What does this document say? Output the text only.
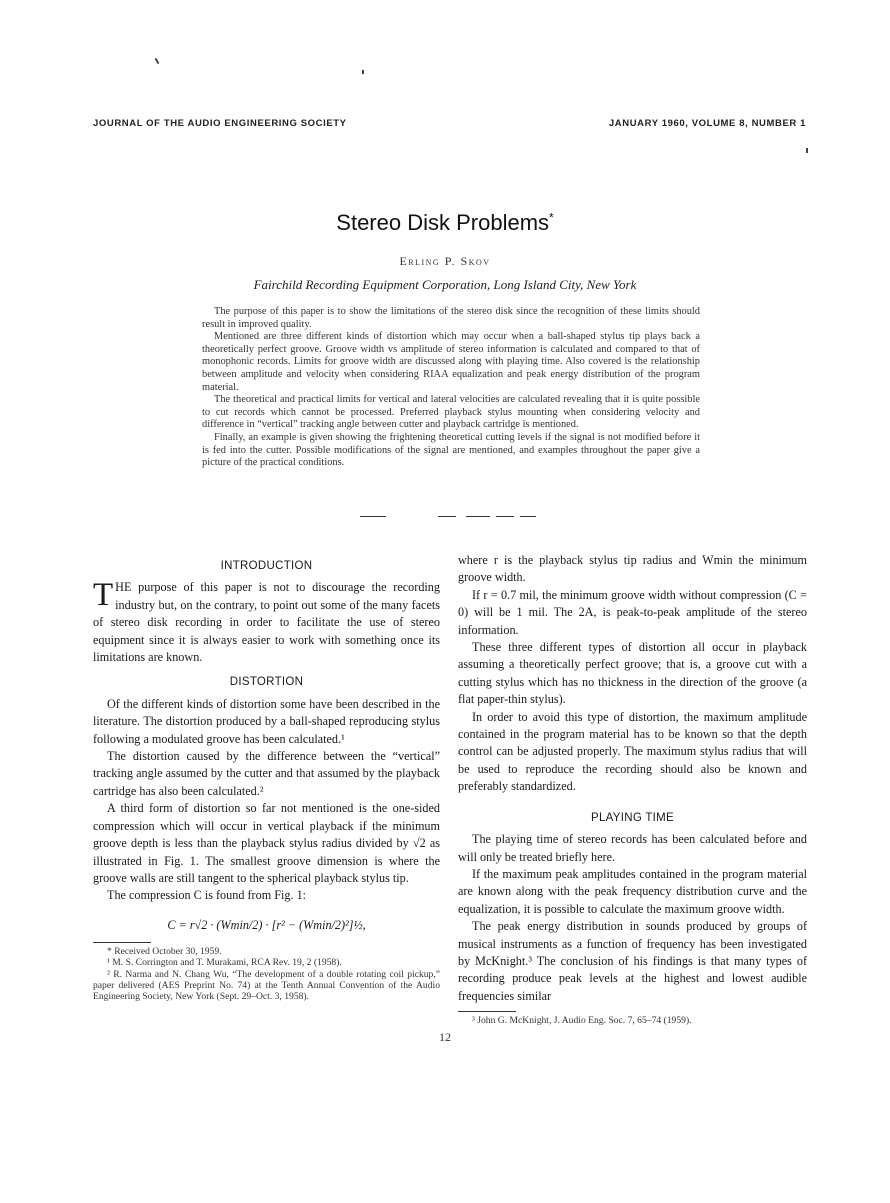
JOURNAL OF THE AUDIO ENGINEERING SOCIETY	JANUARY 1960, VOLUME 8, NUMBER 1
Stereo Disk Problems*
Erling P. Skov
Fairchild Recording Equipment Corporation, Long Island City, New York

The purpose of this paper is to show the limitations of the stereo disk since the recognition of these limits should result in improved quality.

Mentioned are three different kinds of distortion which may occur when a ball-shaped stylus tip plays back a theoretically perfect groove. Groove width vs amplitude of stereo information is calculated and compared to that of monophonic records. Limits for groove width are discussed along with playing time. Also covered is the relationship between amplitude and velocity when considering RIAA equalization and peak energy distribution of the program material.

The theoretical and practical limits for vertical and lateral velocities are calculated revealing that it is quite possible to cut records which cannot be processed. Preferred playback stylus mounting when considering velocity and difference in “vertical” tracking angle between cutter and playback cartridge is mentioned.

Finally, an example is given showing the frightening theoretical cutting levels if the signal is not modified before it is fed into the cutter. Possible modifications of the signal are mentioned, and examples throughout the paper give a picture of the practical conditions.

INTRODUCTION

THE purpose of this paper is not to discourage the recording industry but, on the contrary, to point out some of the many facets of stereo disk recording in order to facilitate the use of stereo equipment since it is always easier to work with something once its limitations are known.

DISTORTION

Of the different kinds of distortion some have been described in the literature. The distortion produced by a ball-shaped reproducing stylus following a modulated groove has been calculated.¹

The distortion caused by the difference between the “vertical” tracking angle assumed by the cutter and that assumed by the playback cartridge has also been calculated.²

A third form of distortion so far not mentioned is the one-sided compression which will occur in vertical playback if the minimum groove depth is less than the playback stylus radius divided by √2 as illustrated in Fig. 1. The smallest groove dimension is where the groove walls are still tangent to the spherical playback stylus tip.

The compression C is found from Fig. 1:

C = r√2 · (Wmin/2) · [r² − (Wmin/2)²]½,

* Received October 30, 1959.

¹ M. S. Corrington and T. Murakami, RCA Rev. 19, 2 (1958).

² R. Narma and N. Chang Wu, “The development of a double rotating coil pickup,” paper delivered (AES Preprint No. 74) at the Tenth Annual Convention of the Audio Engineering Society, New York (Sept. 29–Oct. 3, 1958).

where r is the playback stylus tip radius and Wmin the minimum groove width.

If r = 0.7 mil, the minimum groove width without compression (C = 0) will be 1 mil. The 2A, is peak-to-peak amplitude of the stereo information.

These three different types of distortion all occur in playback assuming a theoretically perfect groove; that is, a groove cut with a cutting stylus which has no thickness in the direction of the groove (a flat paper-thin stylus).

In order to avoid this type of distortion, the maximum amplitude contained in the program material has to be known so that the depth control can be adjusted properly. The maximum stylus radius that will be used to reproduce the recording should also be known and preferably standardized.

PLAYING TIME

The playing time of stereo records has been calculated before and will only be treated briefly here.

If the maximum peak amplitudes contained in the program material are known along with the peak frequency distribution curve and the equalization, it is possible to calculate the maximum groove width.

The peak energy distribution in sounds produced by groups of musical instruments as a function of frequency has been investigated by McKnight.³ The conclusion of his findings is that many types of recording produce peak levels at the highest and lowest audible frequencies similar

³ John G. McKnight, J. Audio Eng. Soc. 7, 65–74 (1959).

12
